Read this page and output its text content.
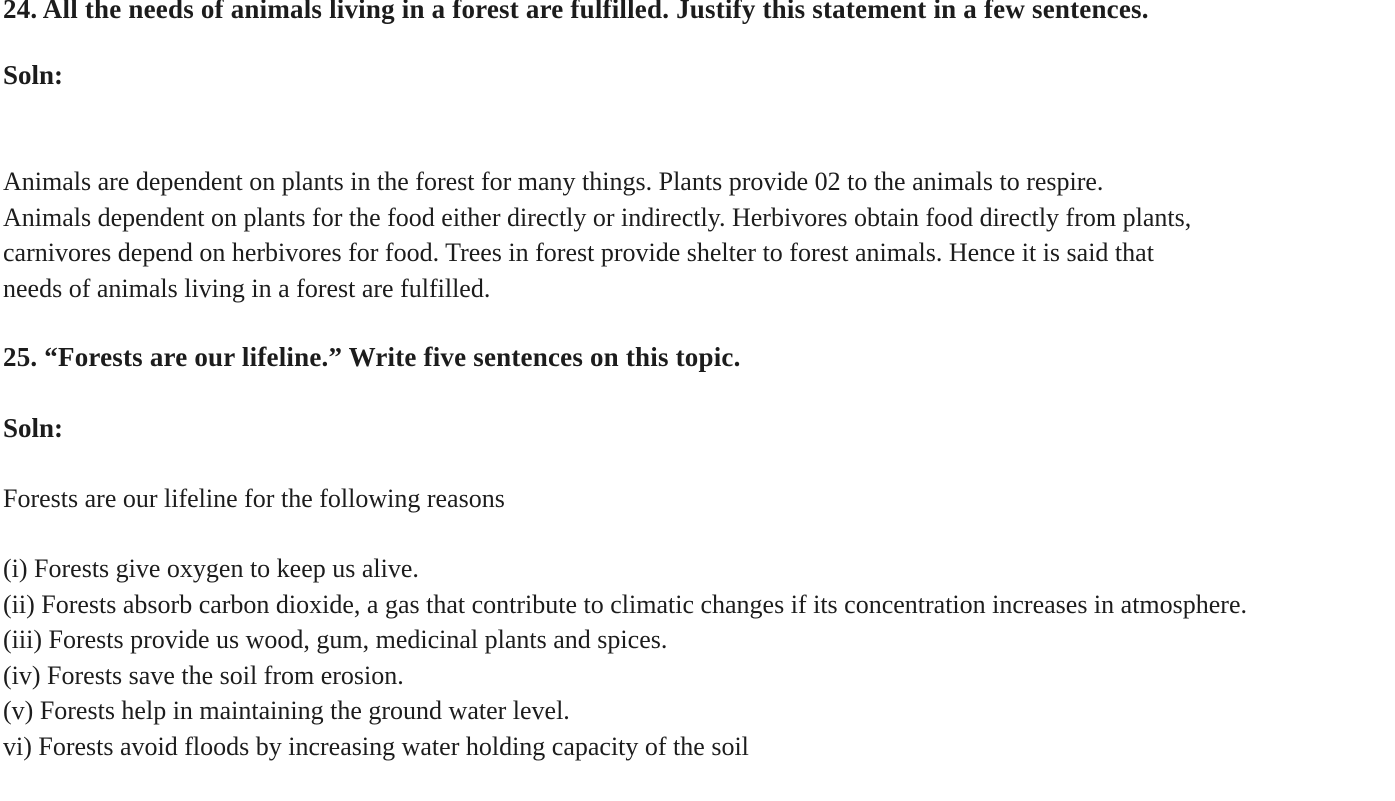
24. All the needs of animals living in a forest are fulfilled. Justify this statement in a few sentences.
Soln:
Animals are dependent on plants in the forest for many things. Plants provide 02 to the animals to respire.
Animals dependent on plants for the food either directly or indirectly. Herbivores obtain food directly from plants,
carnivores depend on herbivores for food. Trees in forest provide shelter to forest animals. Hence it is said that
needs of animals living in a forest are fulfilled.
25. “Forests are our lifeline.” Write five sentences on this topic.
Soln:
Forests are our lifeline for the following reasons

(i) Forests give oxygen to keep us alive.

(ii) Forests absorb carbon dioxide, a gas that contribute to climatic changes if its concentration increases in atmosphere.

(iii) Forests provide us wood, gum, medicinal plants and spices.

(iv) Forests save the soil from erosion.

(v) Forests help in maintaining the ground water level.

vi) Forests avoid floods by increasing water holding capacity of the soil
